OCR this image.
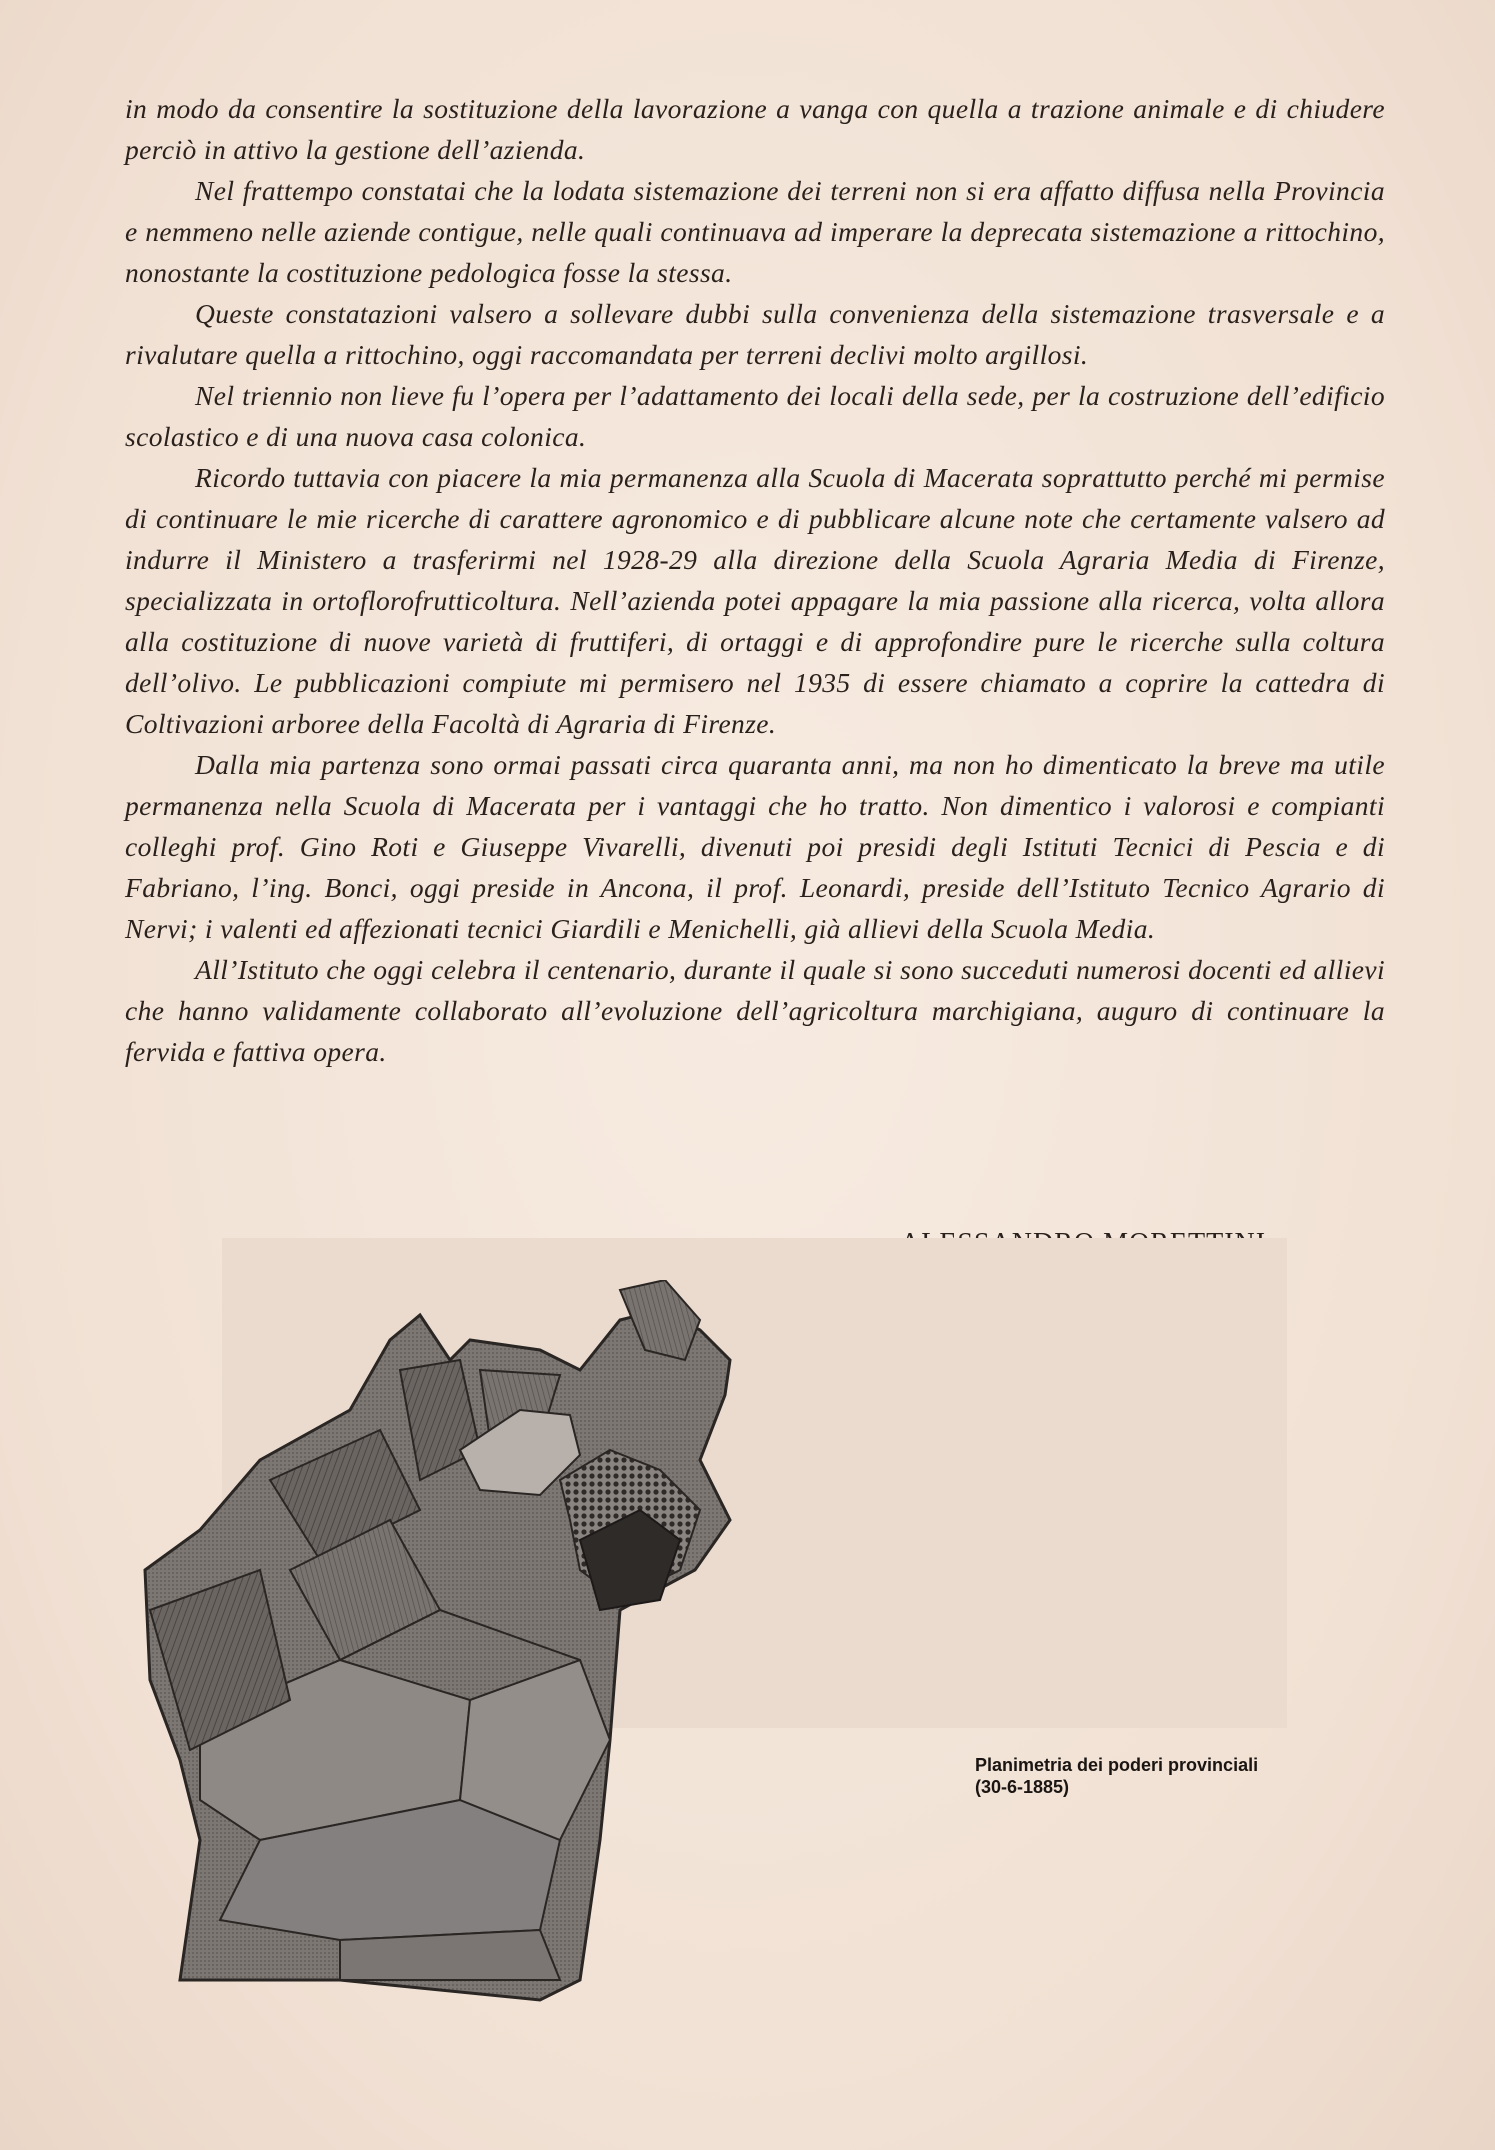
in modo da consentire la sostituzione della lavorazione a vanga con quella a trazione animale e di chiudere perciò in attivo la gestione dell’azienda.

Nel frattempo constatai che la lodata sistemazione dei terreni non si era affatto diffusa nella Provincia e nemmeno nelle aziende contigue, nelle quali continuava ad imperare la deprecata sistemazione a rittochino, nonostante la costituzione pedologica fosse la stessa.

Queste constatazioni valsero a sollevare dubbi sulla convenienza della sistemazione trasversale e a rivalutare quella a rittochino, oggi raccomandata per terreni declivi molto argillosi.

Nel triennio non lieve fu l’opera per l’adattamento dei locali della sede, per la costruzione dell’edificio scolastico e di una nuova casa colonica.

Ricordo tuttavia con piacere la mia permanenza alla Scuola di Macerata soprattutto perché mi permise di continuare le mie ricerche di carattere agronomico e di pubblicare alcune note che certamente valsero ad indurre il Ministero a trasferirmi nel 1928-29 alla direzione della Scuola Agraria Media di Firenze, specializzata in ortoflorofrutticoltura. Nell’azienda potei appagare la mia passione alla ricerca, volta allora alla costituzione di nuove varietà di fruttiferi, di ortaggi e di approfondire pure le ricerche sulla coltura dell’olivo. Le pubblicazioni compiute mi permisero nel 1935 di essere chiamato a coprire la cattedra di Coltivazioni arboree della Facoltà di Agraria di Firenze.

Dalla mia partenza sono ormai passati circa quaranta anni, ma non ho dimenticato la breve ma utile permanenza nella Scuola di Macerata per i vantaggi che ho tratto. Non dimentico i valorosi e compianti colleghi prof. Gino Roti e Giuseppe Vivarelli, divenuti poi presidi degli Istituti Tecnici di Pescia e di Fabriano, l’ing. Bonci, oggi preside in Ancona, il prof. Leonardi, preside dell’Istituto Tecnico Agrario di Nervi; i valenti ed affezionati tecnici Giardili e Menichelli, già allievi della Scuola Media.

All’Istituto che oggi celebra il centenario, durante il quale si sono succeduti numerosi docenti ed allievi che hanno validamente collaborato all’evoluzione dell’agricoltura marchigiana, auguro di continuare la fervida e fattiva opera.

Planimetria dei poderi provinciali
(30-6-1885)
